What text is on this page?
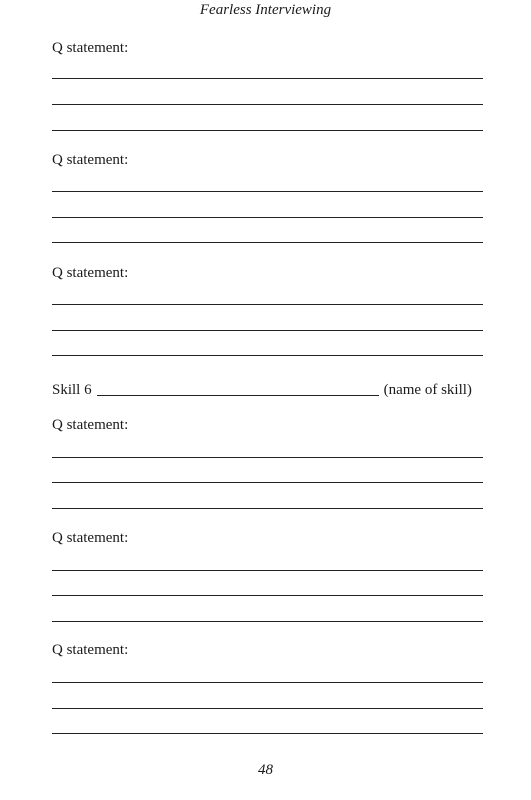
Fearless Interviewing
Q statement:
Q statement:
Q statement:
Skill 6	(name of skill)
Q statement:
Q statement:
Q statement:
48
